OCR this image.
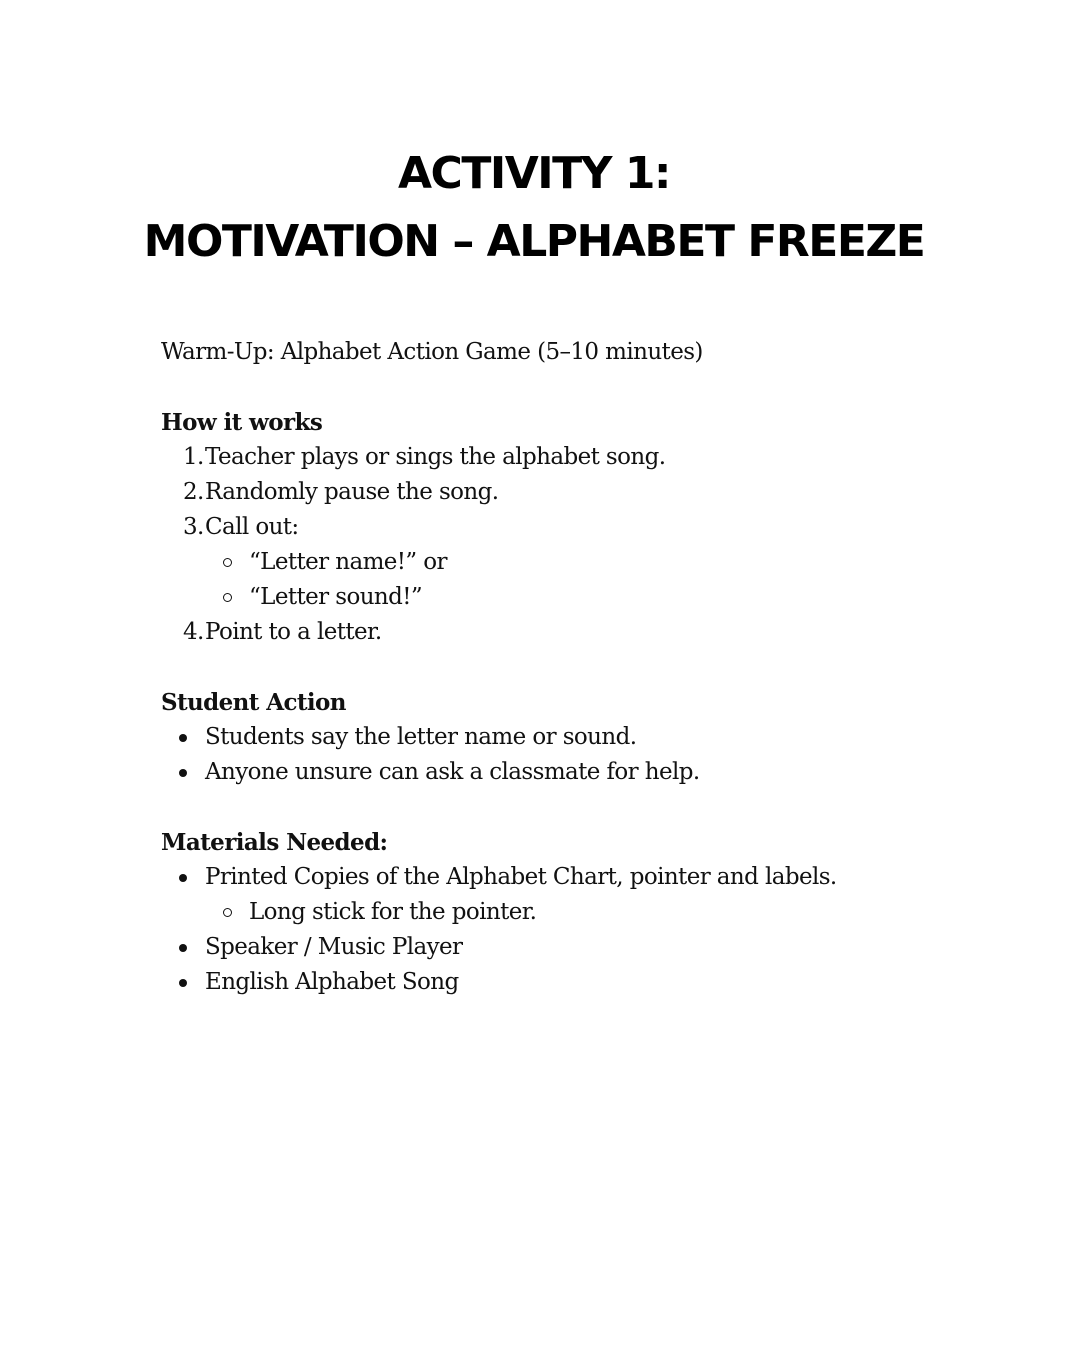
ACTIVITY 1:
MOTIVATION – ALPHABET FREEZE

Warm-Up: Alphabet Action Game (5–10 minutes)

How it works

1. Teacher plays or sings the alphabet song.
2. Randomly pause the song.
3. Call out:
“Letter name!” or
“Letter sound!”
4. Point to a letter.

Student Action

Students say the letter name or sound.
Anyone unsure can ask a classmate for help.

Materials Needed:

Printed Copies of the Alphabet Chart, pointer and labels.
Long stick for the pointer.
Speaker / Music Player
English Alphabet Song
